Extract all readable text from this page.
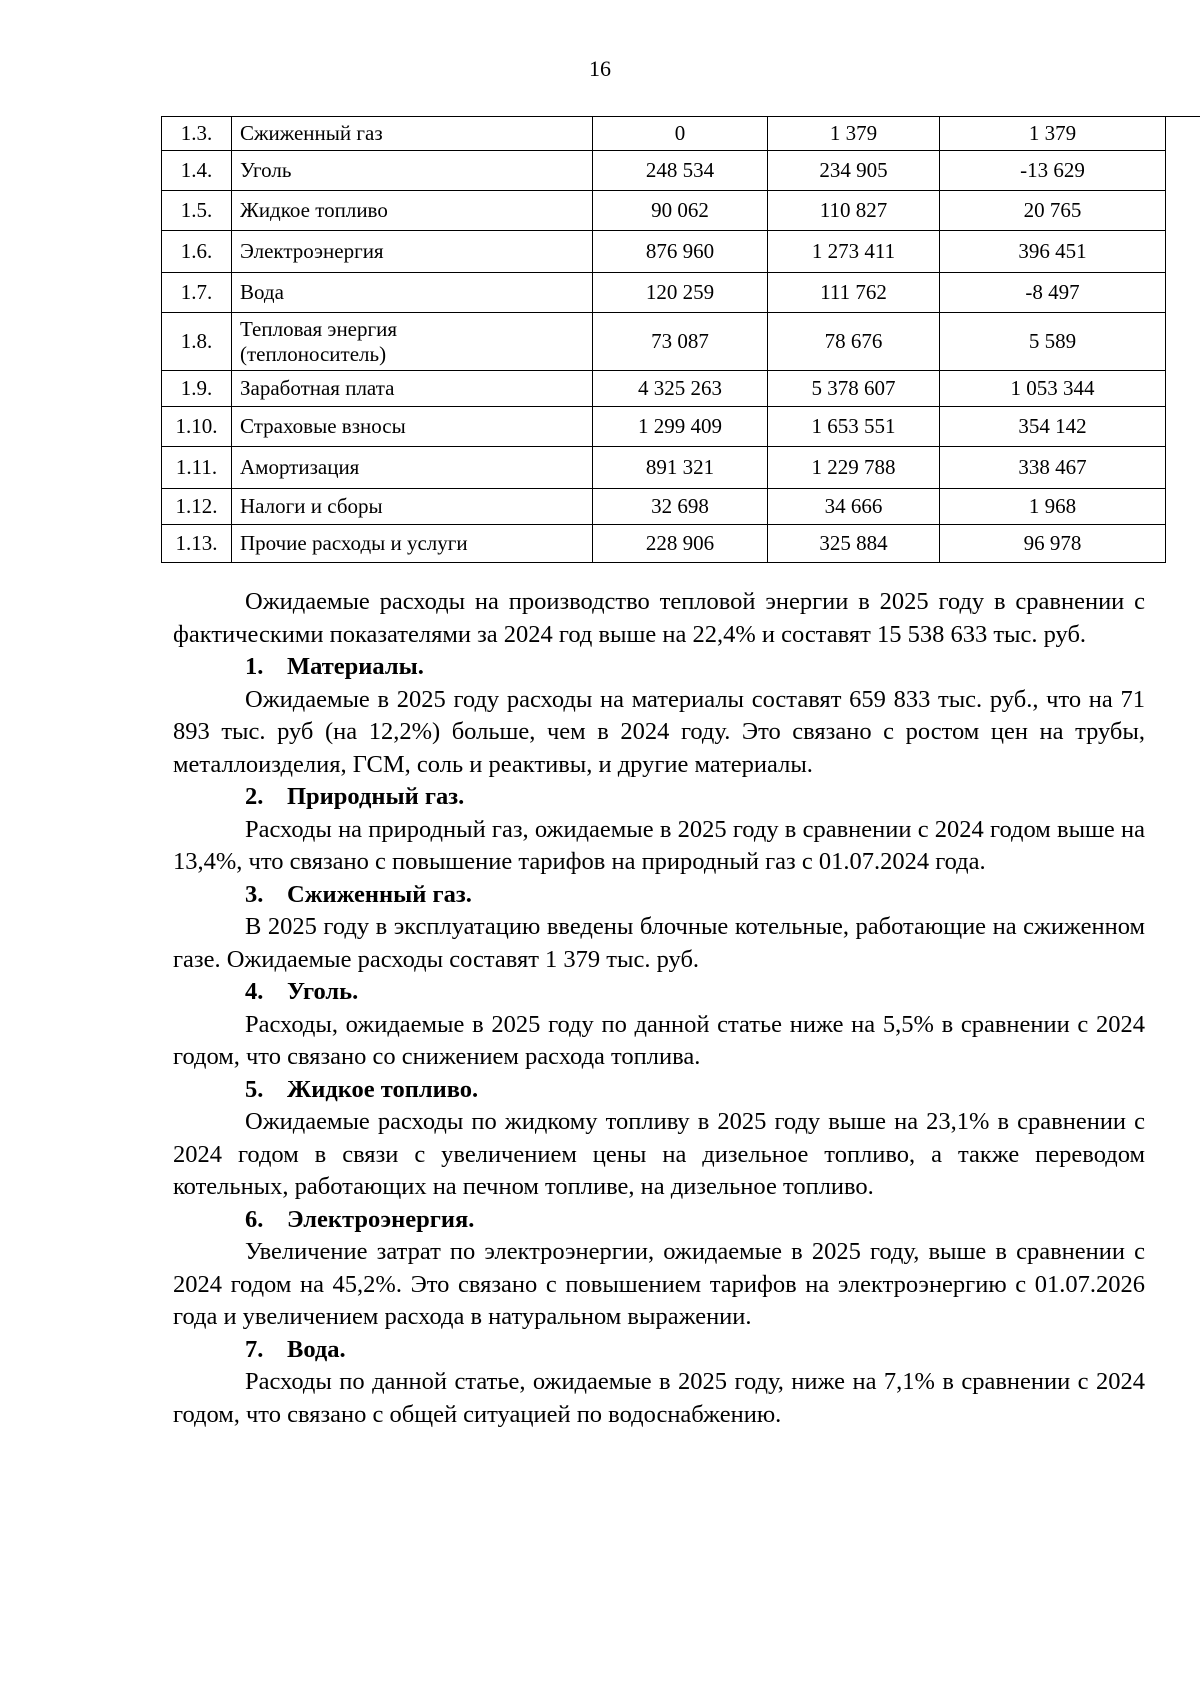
16
1.3.	Сжиженный газ	0	1 379	1 379
1.4.	Уголь	248 534	234 905	-13 629
1.5.	Жидкое топливо	90 062	110 827	20 765
1.6.	Электроэнергия	876 960	1 273 411	396 451
1.7.	Вода	120 259	111 762	-8 497
1.8.	Тепловая энергия (теплоноситель)	73 087	78 676	5 589
1.9.	Заработная плата	4 325 263	5 378 607	1 053 344
1.10.	Страховые взносы	1 299 409	1 653 551	354 142
1.11.	Амортизация	891 321	1 229 788	338 467
1.12.	Налоги и сборы	32 698	34 666	1 968
1.13.	Прочие расходы и услуги	228 906	325 884	96 978

Ожидаемые расходы на производство тепловой энергии в 2025 году в сравнении с фактическими показателями за 2024 год выше на 22,4% и составят 15 538 633 тыс. руб.

1. Материалы.

Ожидаемые в 2025 году расходы на материалы составят 659 833 тыс. руб., что на 71 893 тыс. руб (на 12,2%) больше, чем в 2024 году. Это связано с ростом цен на трубы, металлоизделия, ГСМ, соль и реактивы, и другие материалы.

2. Природный газ.

Расходы на природный газ, ожидаемые в 2025 году в сравнении с 2024 годом выше на 13,4%, что связано с повышение тарифов на природный газ с 01.07.2024 года.

3. Сжиженный газ.

В 2025 году в эксплуатацию введены блочные котельные, работающие на сжиженном газе. Ожидаемые расходы составят 1 379 тыс. руб.

4. Уголь.

Расходы, ожидаемые в 2025 году по данной статье ниже на 5,5% в сравнении с 2024 годом, что связано со снижением расхода топлива.

5. Жидкое топливо.

Ожидаемые расходы по жидкому топливу в 2025 году выше на 23,1% в сравнении с 2024 годом в связи с увеличением цены на дизельное топливо, а также переводом котельных, работающих на печном топливе, на дизельное топливо.

6. Электроэнергия.

Увеличение затрат по электроэнергии, ожидаемые в 2025 году, выше в сравнении с 2024 годом на 45,2%. Это связано с повышением тарифов на электроэнергию с 01.07.2026 года и увеличением расхода в натуральном выражении.

7. Вода.

Расходы по данной статье, ожидаемые в 2025 году, ниже на 7,1% в сравнении с 2024 годом, что связано с общей ситуацией по водоснабжению.
